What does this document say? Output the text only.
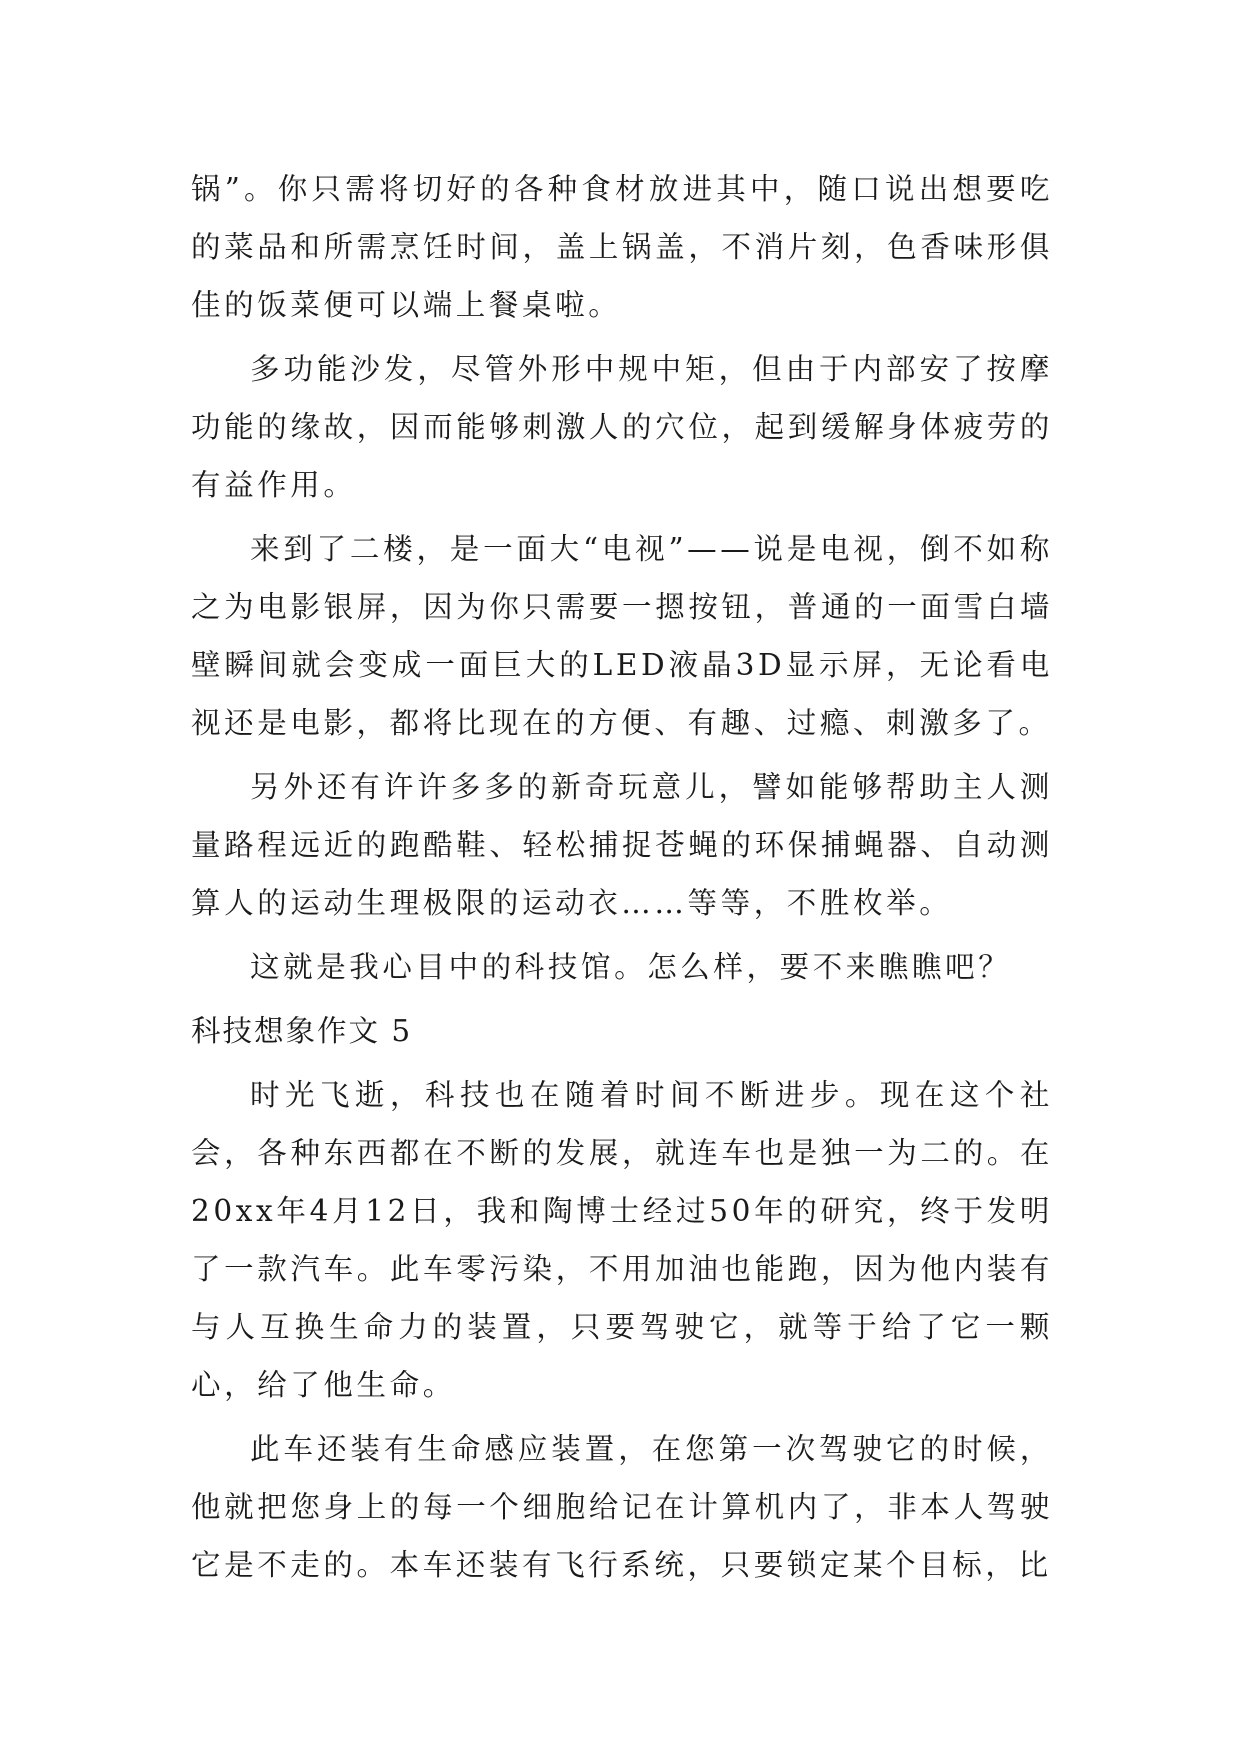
锅”。你只需将切好的各种食材放进其中，随口说出想要吃的菜品和所需烹饪时间，盖上锅盖，不消片刻，色香味形俱佳的饭菜便可以端上餐桌啦。

多功能沙发，尽管外形中规中矩，但由于内部安了按摩功能的缘故，因而能够刺激人的穴位，起到缓解身体疲劳的有益作用。

来到了二楼，是一面大“电视”——说是电视，倒不如称之为电影银屏，因为你只需要一摁按钮，普通的一面雪白墙壁瞬间就会变成一面巨大的LED液晶3D显示屏，无论看电视还是电影，都将比现在的方便、有趣、过瘾、刺激多了。

另外还有许许多多的新奇玩意儿，譬如能够帮助主人测量路程远近的跑酷鞋、轻松捕捉苍蝇的环保捕蝇器、自动测算人的运动生理极限的运动衣……等等，不胜枚举。

这就是我心目中的科技馆。怎么样，要不来瞧瞧吧？

科技想象作文 5

时光飞逝，科技也在随着时间不断进步。现在这个社会，各种东西都在不断的发展，就连车也是独一为二的。在20xx年4月12日，我和陶博士经过50年的研究，终于发明了一款汽车。此车零污染，不用加油也能跑，因为他内装有与人互换生命力的装置，只要驾驶它，就等于给了它一颗心，给了他生命。

此车还装有生命感应装置，在您第一次驾驶它的时候，他就把您身上的每一个细胞给记在计算机内了，非本人驾驶它是不走的。本车还装有飞行系统，只要锁定某个目标，比
